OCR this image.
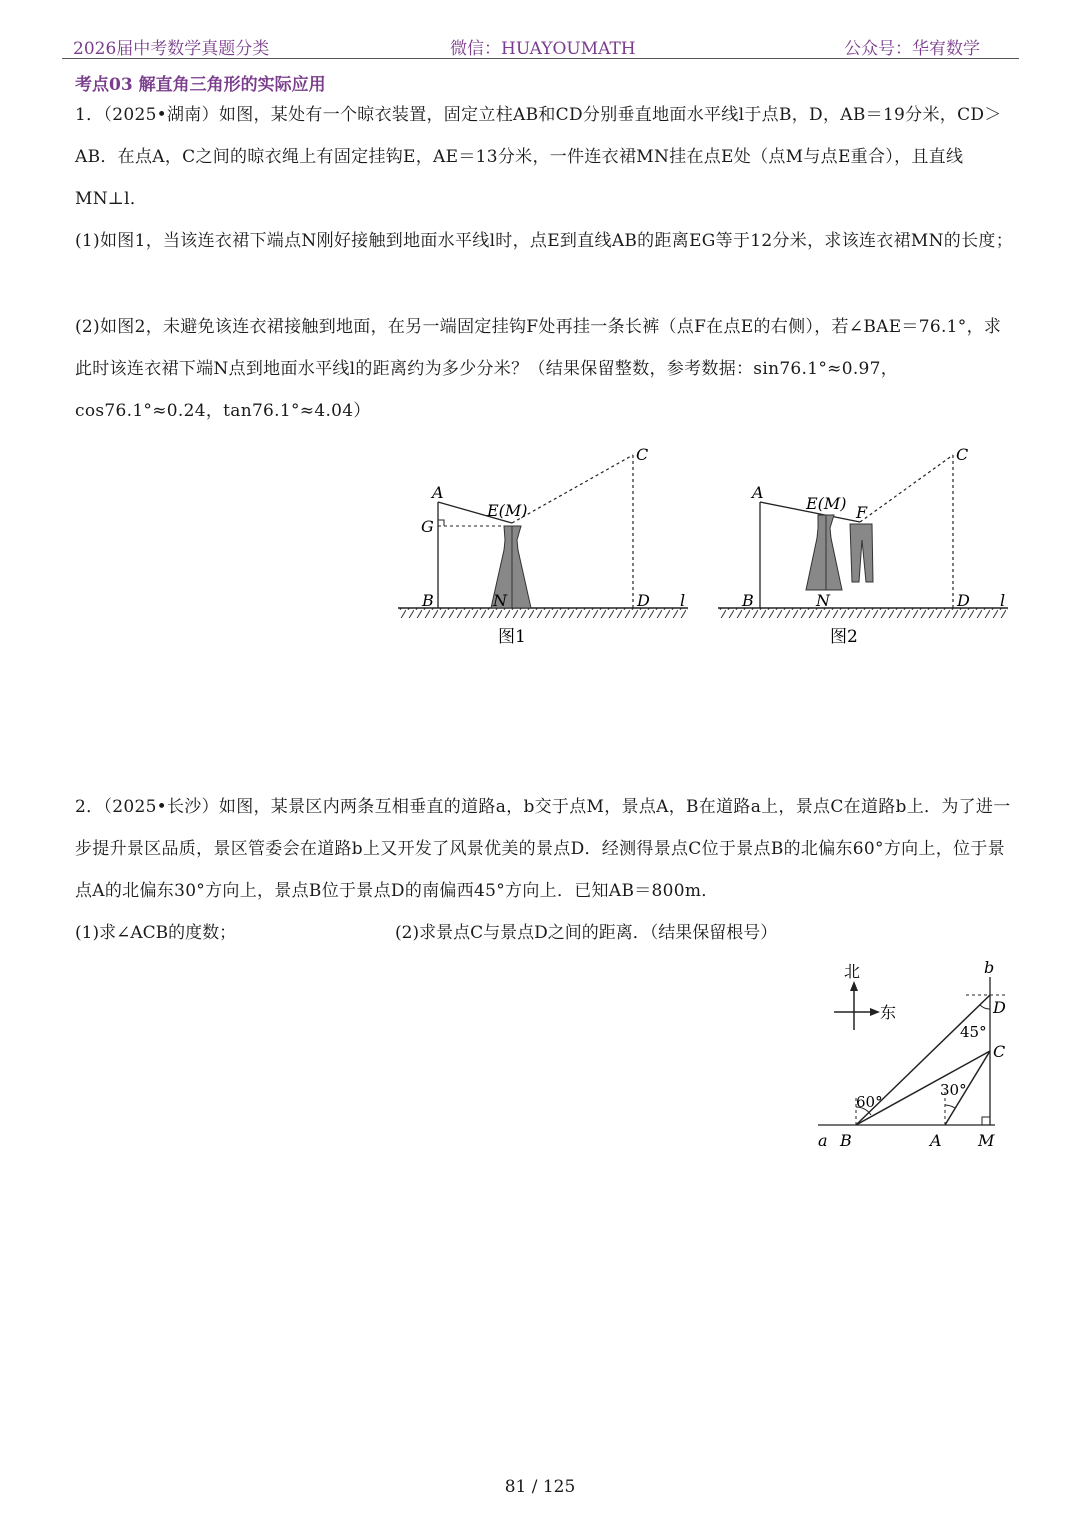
2026届中考数学真题分类	微信：HUAYOUMATH	公众号：华宥数学
考点03 解直角三角形的实际应用
1．（2025•湖南）如图，某处有一个晾衣装置，固定立柱AB和CD分别垂直地面水平线l于点B，D，AB＝19分米，CD＞AB．在点A，C之间的晾衣绳上有固定挂钩E，AE＝13分米，一件连衣裙MN挂在点E处（点M与点E重合），且直线MN⊥l．
(1)如图1，当该连衣裙下端点N刚好接触到地面水平线l时，点E到直线AB的距离EG等于12分米，求该连衣裙MN的长度；
(2)如图2，未避免该连衣裙接触到地面，在另一端固定挂钩F处再挂一条长裤（点F在点E的右侧），若∠BAE＝76.1°，求此时该连衣裙下端N点到地面水平线l的距离约为多少分米？（结果保留整数，参考数据：sin76.1°≈0.97，cos76.1°≈0.24，tan76.1°≈4.04）
A
G
E(M)
C
B	N	D l
图1
A
E(M) F
C
B	N	D l
图2
2．（2025•长沙）如图，某景区内两条互相垂直的道路a，b交于点M，景点A，B在道路a上，景点C在道路b上．为了进一步提升景区品质，景区管委会在道路b上又开发了风景优美的景点D．经测得景点C位于景点B的北偏东60°方向上，位于景点A的北偏东30°方向上，景点B位于景点D的南偏西45°方向上．已知AB＝800m．
(1)求∠ACB的度数；	(2)求景点C与景点D之间的距离．（结果保留根号）
北
东
b
D
45°
C
30°
60°
a B	A M
81 / 125
